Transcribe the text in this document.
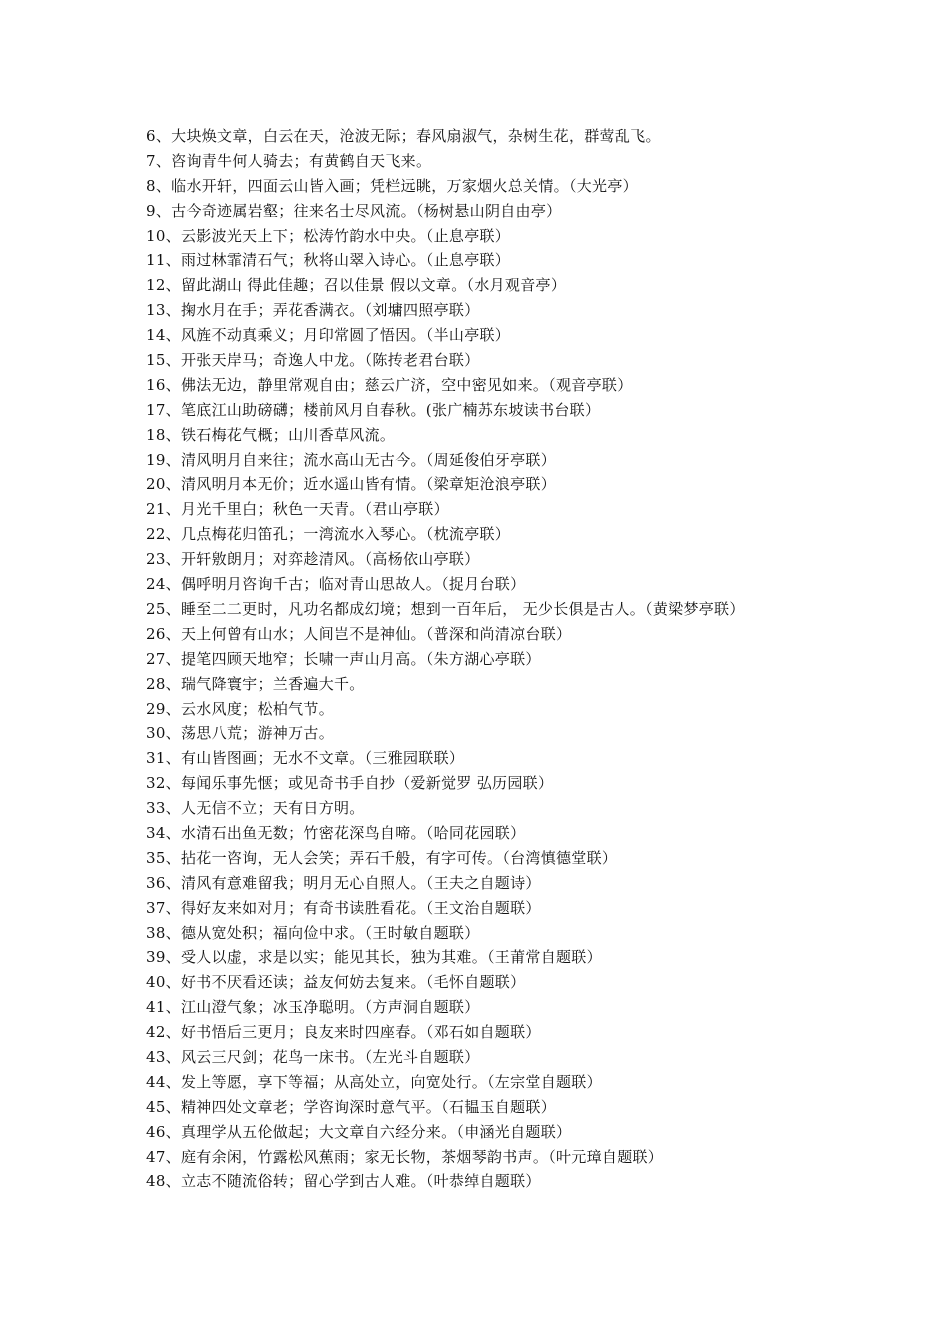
6、大块焕文章，白云在天，沧波无际；春风扇淑气，杂树生花，群莺乱飞。
7、咨询青牛何人骑去；有黄鹤自天飞来。
8、临水开轩，四面云山皆入画；凭栏远眺，万家烟火总关情。（大光亭）
9、古今奇迹属岩壑；往来名士尽风流。（杨树悬山阴自由亭）
10、云影波光天上下；松涛竹韵水中央。（止息亭联）
11、雨过林霏清石气；秋将山翠入诗心。（止息亭联）
12、留此湖山 得此佳趣；召以佳景 假以文章。（水月观音亭）
13、掬水月在手；弄花香满衣。（刘墉四照亭联）
14、风旌不动真乘义；月印常圆了悟因。（半山亭联）
15、开张天岸马；奇逸人中龙。（陈抟老君台联）
16、佛法无边，静里常观自由；慈云广济，空中密见如来。（观音亭联）
17、笔底江山助磅礴；楼前风月自春秋。(张广楠苏东坡读书台联）
18、铁石梅花气概；山川香草风流。
19、清风明月自来往；流水高山无古今。（周延俊伯牙亭联）
20、清风明月本无价；近水遥山皆有情。（梁章矩沧浪亭联）
21、月光千里白；秋色一天青。（君山亭联）
22、几点梅花归笛孔；一湾流水入琴心。（枕流亭联）
23、开轩敫朗月；对弈趁清风。（高杨依山亭联）
24、偶呼明月咨询千古；临对青山思故人。（捉月台联）
25、睡至二二更时，凡功名都成幻境；想到一百年后， 无少长俱是古人。（黄梁梦亭联）
26、天上何曾有山水；人间岂不是神仙。（普深和尚清凉台联）
27、提笔四顾天地窄；长啸一声山月高。（朱方湖心亭联）
28、瑞气降寰宇；兰香遍大千。
29、云水风度；松柏气节。
30、荡思八荒；游神万古。
31、有山皆图画；无水不文章。（三雅园联联）
32、每闻乐事先惬；或见奇书手自抄（爱新觉罗 弘历园联）
33、人无信不立；天有日方明。
34、水清石出鱼无数；竹密花深鸟自啼。（哈同花园联）
35、拈花一咨询，无人会笑；弄石千般，有字可传。（台湾慎德堂联）
36、清风有意难留我；明月无心自照人。（王夫之自题诗）
37、得好友来如对月；有奇书读胜看花。（王文治自题联）
38、德从宽处积；福向俭中求。（王时敏自题联）
39、受人以虚，求是以实；能见其长，独为其难。（王莆常自题联）
40、好书不厌看还读；益友何妨去复来。（毛怀自题联）
41、江山澄气象；冰玉净聪明。（方声洞自题联）
42、好书悟后三更月；良友来时四座春。（邓石如自题联）
43、风云三尺剑；花鸟一床书。（左光斗自题联）
44、发上等愿，享下等福；从高处立，向宽处行。（左宗堂自题联）
45、精神四处文章老；学咨询深时意气平。（石韫玉自题联）
46、真理学从五伦做起；大文章自六经分来。（申涵光自题联）
47、庭有余闲，竹露松风蕉雨；家无长物，茶烟琴韵书声。（叶元璋自题联）
48、立志不随流俗转；留心学到古人难。（叶恭绰自题联）
